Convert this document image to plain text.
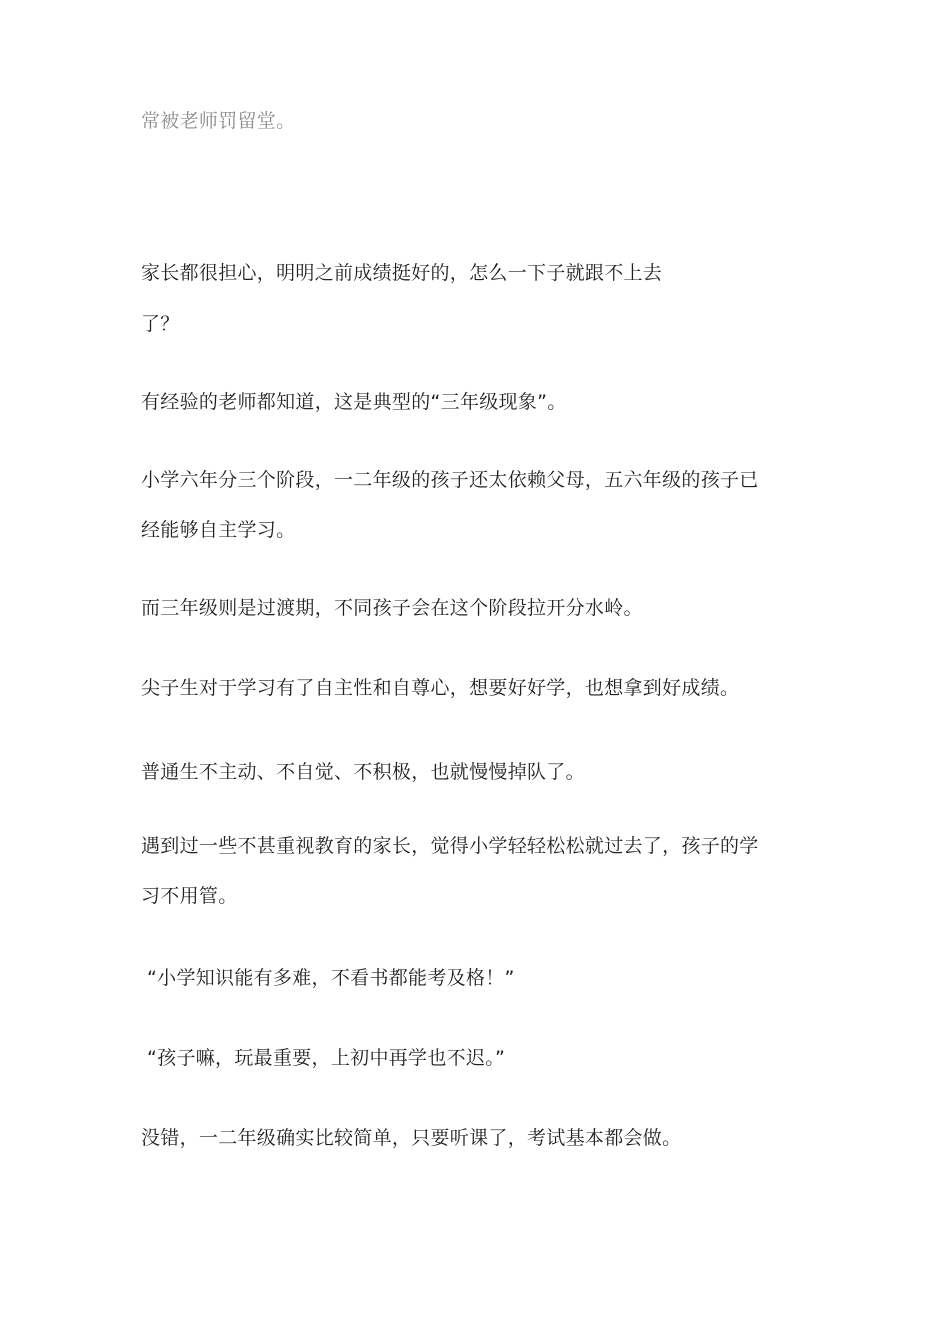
常被老师罚留堂。
家长都很担心，明明之前成绩挺好的，怎么一下子就跟不上去
了？
有经验的老师都知道，这是典型的“三年级现象”。
小学六年分三个阶段，一二年级的孩子还太依赖父母，五六年级的孩子已
经能够自主学习。
而三年级则是过渡期，不同孩子会在这个阶段拉开分水岭。
尖子生对于学习有了自主性和自尊心，想要好好学，也想拿到好成绩。
普通生不主动、不自觉、不积极，也就慢慢掉队了。
遇到过一些不甚重视教育的家长，觉得小学轻轻松松就过去了，孩子的学
习不用管。
“小学知识能有多难，不看书都能考及格！”
“孩子嘛，玩最重要，上初中再学也不迟。”
没错，一二年级确实比较简单，只要听课了，考试基本都会做。
